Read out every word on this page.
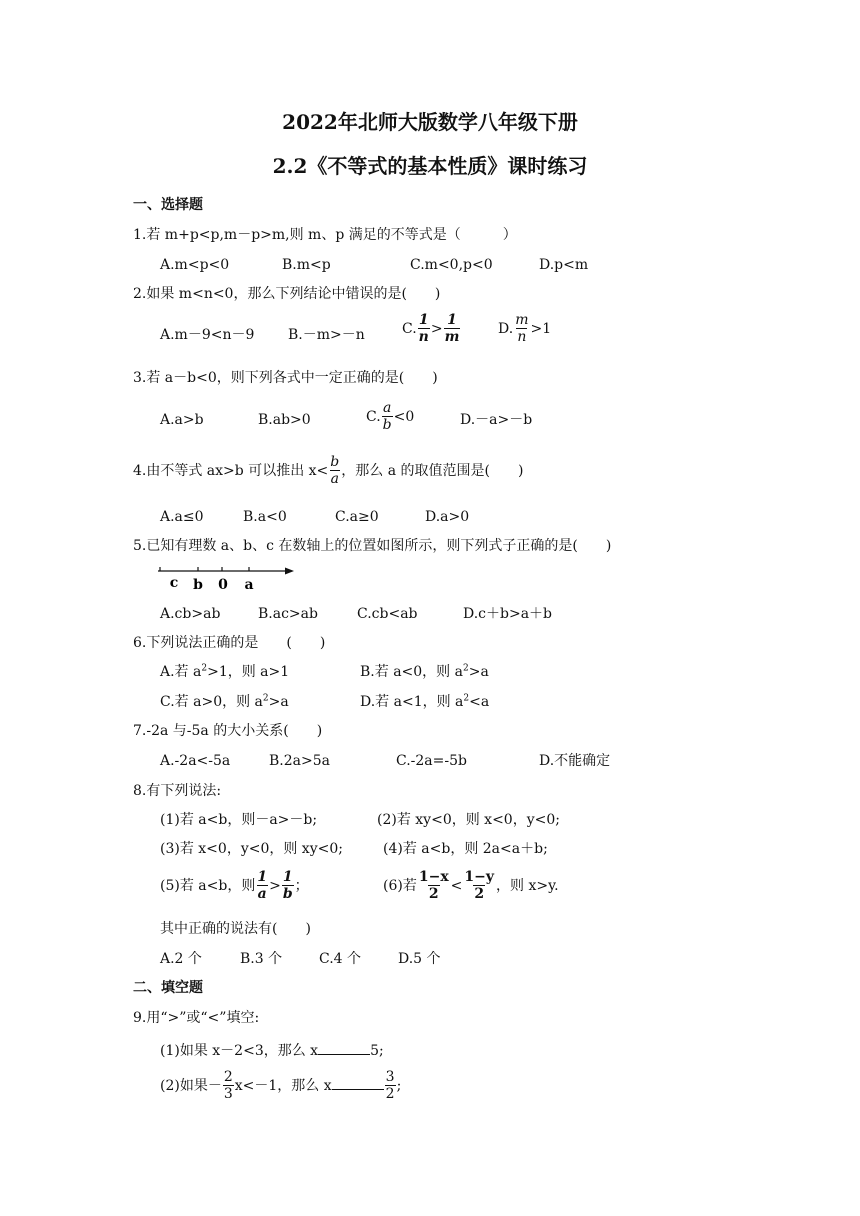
2022年北师大版数学八年级下册
2.2《不等式的基本性质》课时练习
一、选择题
1.若 m+p<p,m－p>m,则 m、p 满足的不等式是（　　　）
A.m<p<0	B.m<p	C.m<0,p<0	D.p<m
2.如果 m<n<0，那么下列结论中错误的是(　　)
A.m－9<n－9 B.－m>－n	C. $\frac{1}{n} > \frac{1}{m}$	D. $\frac{m}{n} >1$
3.若 a－b<0，则下列各式中一定正确的是(　　)
A.a>b	B.ab>0	C. $\frac{a}{b} <0$	D.－a>－b
4.由不等式 ax>b 可以推出 $x< \frac{b}{a}$ ，那么 a 的取值范围是(　　)
A.a≤0	B.a<0	C.a≥0	D.a>0
5.已知有理数 a、b、c 在数轴上的位置如图所示，则下列式子正确的是(　　)
c b 0 a
A.cb>ab	B.ac>ab	C.cb<ab	D.c＋b>a＋b
6.下列说法正确的是　　(　　)
A.若 $a^2>1$，则 a>1	B.若 a<0，则 $a^2>a$
C.若 a>0，则 $a^2>a$	D.若 a<1，则 $a^2<a$
7.-2a 与-5a 的大小关系(　　)
A.-2a<-5a	B.2a>5a	C.-2a=-5b	D.不能确定
8.有下列说法:
(1)若 a<b，则－a>－b;	(2)若 xy<0，则 x<0，y<0;
(3)若 x<0，y<0，则 xy<0;	(4)若 a<b，则 2a<a＋b;
(5)若 a<b，则 $\frac{1}{a} > \frac{1}{b}$ ；	(6)若 $\frac{1-x}{2} < \frac{1-y}{2}$ ，则 x>y.
其中正确的说法有(　　)
A.2 个	B.3 个	C.4 个	D.5 个
二、填空题
9.用“>”或“<”填空:
(1)如果 x－2<3，那么 x	5;
(2)如果－ $\frac{2}{3} x<-1$，那么 x	$\frac{3}{2}$ ;
